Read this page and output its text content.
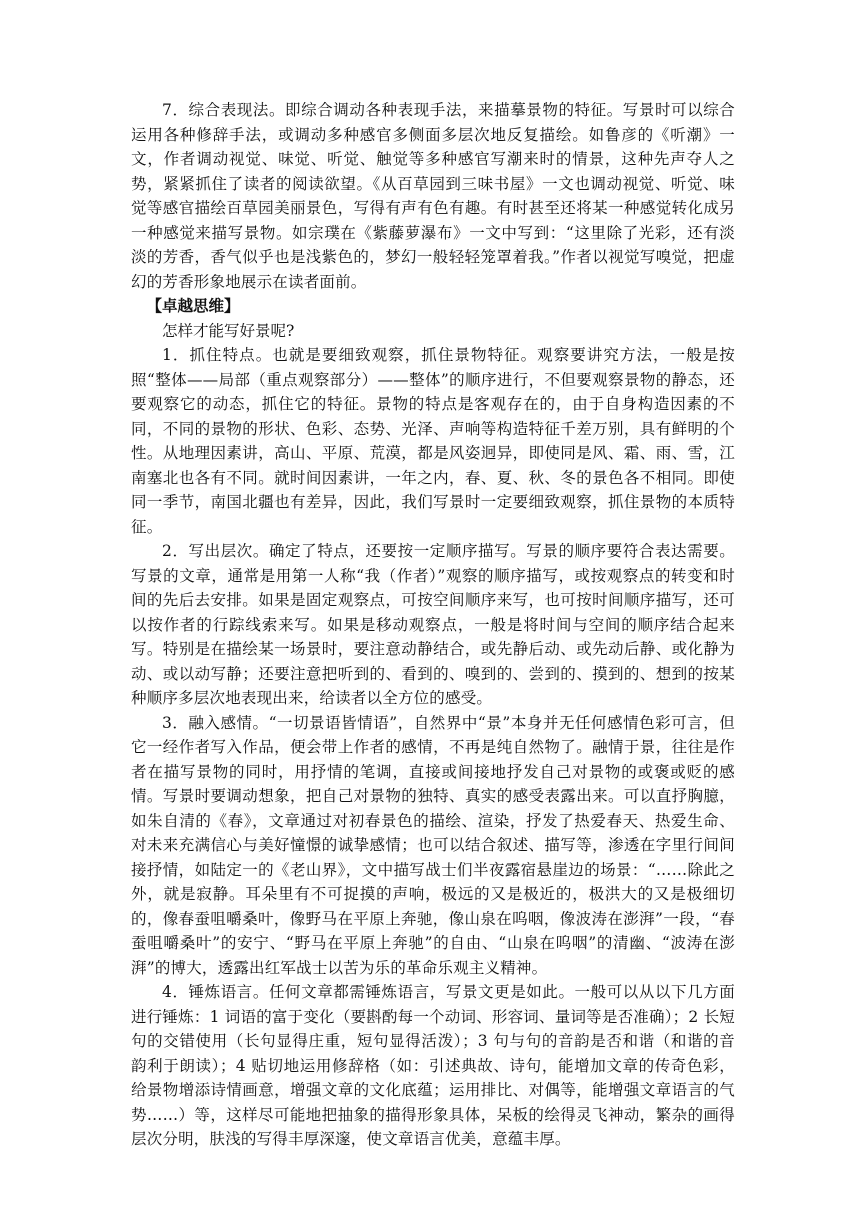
7．综合表现法。即综合调动各种表现手法，来描摹景物的特征。写景时可以综合运用各种修辞手法，或调动多种感官多侧面多层次地反复描绘。如鲁彦的《听潮》一文，作者调动视觉、味觉、听觉、触觉等多种感官写潮来时的情景，这种先声夺人之势，紧紧抓住了读者的阅读欲望。《从百草园到三味书屋》一文也调动视觉、听觉、味觉等感官描绘百草园美丽景色，写得有声有色有趣。有时甚至还将某一种感觉转化成另一种感觉来描写景物。如宗璞在《紫藤萝瀑布》一文中写到：“这里除了光彩，还有淡淡的芳香，香气似乎也是浅紫色的，梦幻一般轻轻笼罩着我。”作者以视觉写嗅觉，把虚幻的芳香形象地展示在读者面前。

【卓越思维】

怎样才能写好景呢?

1．抓住特点。也就是要细致观察，抓住景物特征。观察要讲究方法，一般是按照“整体——局部（重点观察部分）——整体”的顺序进行，不但要观察景物的静态，还要观察它的动态，抓住它的特征。景物的特点是客观存在的，由于自身构造因素的不同，不同的景物的形状、色彩、态势、光泽、声响等构造特征千差万别，具有鲜明的个性。从地理因素讲，高山、平原、荒漠，都是风姿迥异，即使同是风、霜、雨、雪，江南塞北也各有不同。就时间因素讲，一年之内，春、夏、秋、冬的景色各不相同。即使同一季节，南国北疆也有差异，因此，我们写景时一定要细致观察，抓住景物的本质特征。

2．写出层次。确定了特点，还要按一定顺序描写。写景的顺序要符合表达需要。写景的文章，通常是用第一人称“我（作者）”观察的顺序描写，或按观察点的转变和时间的先后去安排。如果是固定观察点，可按空间顺序来写，也可按时间顺序描写，还可以按作者的行踪线索来写。如果是移动观察点，一般是将时间与空间的顺序结合起来写。特别是在描绘某一场景时，要注意动静结合，或先静后动、或先动后静、或化静为动、或以动写静；还要注意把听到的、看到的、嗅到的、尝到的、摸到的、想到的按某种顺序多层次地表现出来，给读者以全方位的感受。

3．融入感情。“一切景语皆情语”，自然界中“景”本身并无任何感情色彩可言，但它一经作者写入作品，便会带上作者的感情，不再是纯自然物了。融情于景，往往是作者在描写景物的同时，用抒情的笔调，直接或间接地抒发自己对景物的或褒或贬的感情。写景时要调动想象，把自己对景物的独特、真实的感受表露出来。可以直抒胸臆，如朱自清的《春》，文章通过对初春景色的描绘、渲染，抒发了热爱春天、热爱生命、对未来充满信心与美好憧憬的诚挚感情；也可以结合叙述、描写等，渗透在字里行间间接抒情，如陆定一的《老山界》，文中描写战士们半夜露宿悬崖边的场景：“……除此之外，就是寂静。耳朵里有不可捉摸的声响，极远的又是极近的，极洪大的又是极细切的，像春蚕咀嚼桑叶，像野马在平原上奔驰，像山泉在呜咽，像波涛在澎湃”一段，“春蚕咀嚼桑叶”的安宁、“野马在平原上奔驰”的自由、“山泉在呜咽”的清幽、“波涛在澎湃”的博大，透露出红军战士以苦为乐的革命乐观主义精神。

4．锤炼语言。任何文章都需锤炼语言，写景文更是如此。一般可以从以下几方面进行锤炼：1 词语的富于变化（要斟酌每一个动词、形容词、量词等是否准确）；2 长短句的交错使用（长句显得庄重，短句显得活泼）；3 句与句的音韵是否和谐（和谐的音韵利于朗读）；4 贴切地运用修辞格（如：引述典故、诗句，能增加文章的传奇色彩，给景物增添诗情画意，增强文章的文化底蕴；运用排比、对偶等，能增强文章语言的气势……）等，这样尽可能地把抽象的描得形象具体，呆板的绘得灵飞神动，繁杂的画得层次分明，肤浅的写得丰厚深邃，使文章语言优美，意蕴丰厚。
